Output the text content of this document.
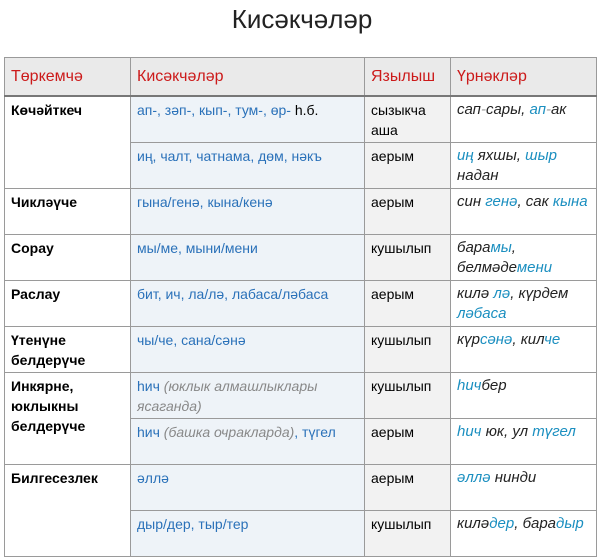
Кисәкчәләр
Төркемчә	Кисәкчәләр	Язылыш	Үрнәкләр
Көчәйткеч	ап-, зәп-, кып-, тум-, өр- һ.б.	сызыкча аша	сап-сары, ап-ак
	иң, чалт, чатнама, дөм, нәкъ	аерым	иң яхшы, шыр надан
Чикләүче	гына/генә, кына/кенә	аерым	син генә, сак кына
Сорау	мы/ме, мыни/мени	кушылып	барамы, белмәдемени
Раслау	бит, ич, ла/лә, лабаса/ләбаса	аерым	килә лә, күрдем ләбаса
Үтенүне белдерүче	чы/че, сана/сәнә	кушылып	күрсәнә, килче
Инкярне, юклыкны белдерүче	һич (юклык алмашлыклары ясаганда)	кушылып	һичбер
	һич (башка очракларда), түгел	аерым	һич юк, ул түгел
Билгесезлек	әллә	аерым	әллә нинди
	дыр/дер, тыр/тер	кушылып	киләдер, барадыр
